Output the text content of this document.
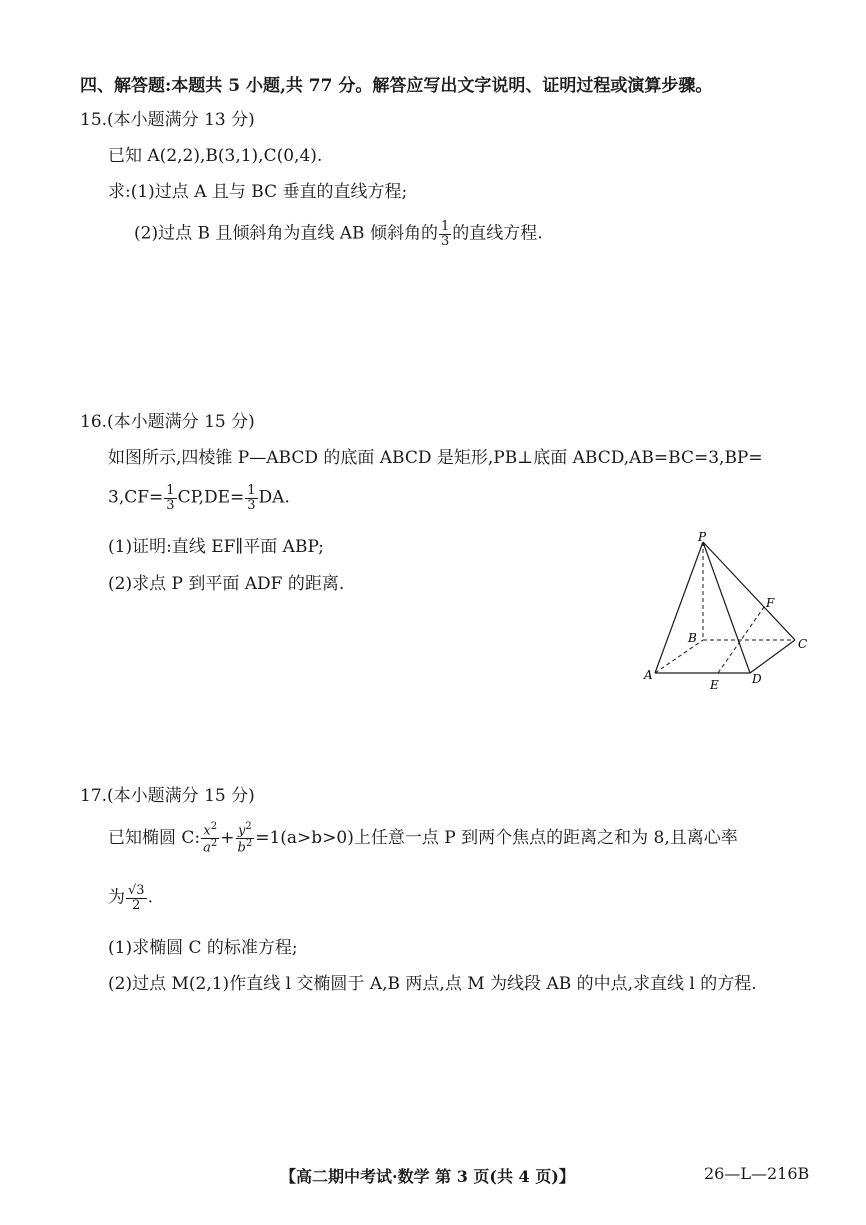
四、解答题:本题共 5 小题,共 77 分。解答应写出文字说明、证明过程或演算步骤。
15.(本小题满分 13 分)
已知 A(2,2),B(3,1),C(0,4).
求:(1)过点 A 且与 BC 垂直的直线方程;
(2)过点 B 且倾斜角为直线 AB 倾斜角的 $\frac{1}{3}$ 的直线方程.
16.(本小题满分 15 分)
如图所示,四棱锥 P—ABCD 的底面 ABCD 是矩形,PB⊥底面 ABCD,AB=BC=3,BP=
$3,CF= \frac{1}{3} CP,DE= \frac{1}{3}$ DA.
(1)证明:直线 EF∥平面 ABP;
(2)求点 P 到平面 ADF 的距离.
P
F
B	C
A
E	D
17.(本小题满分 15 分)
已知椭圆 C: $\frac{x^2}{a^2} + \frac{y^2}{b^2} =1(a>b>0)$上任意一点 P 到两个焦点的距离之和为 8,且离心率
为 $\frac{√3}{2}$ .
(1)求椭圆 C 的标准方程;
(2)过点 M(2,1)作直线 l 交椭圆于 A,B 两点,点 M 为线段 AB 的中点,求直线 l 的方程.
【高二期中考试·数学 第 3 页(共 4 页)】	26—L—216B
